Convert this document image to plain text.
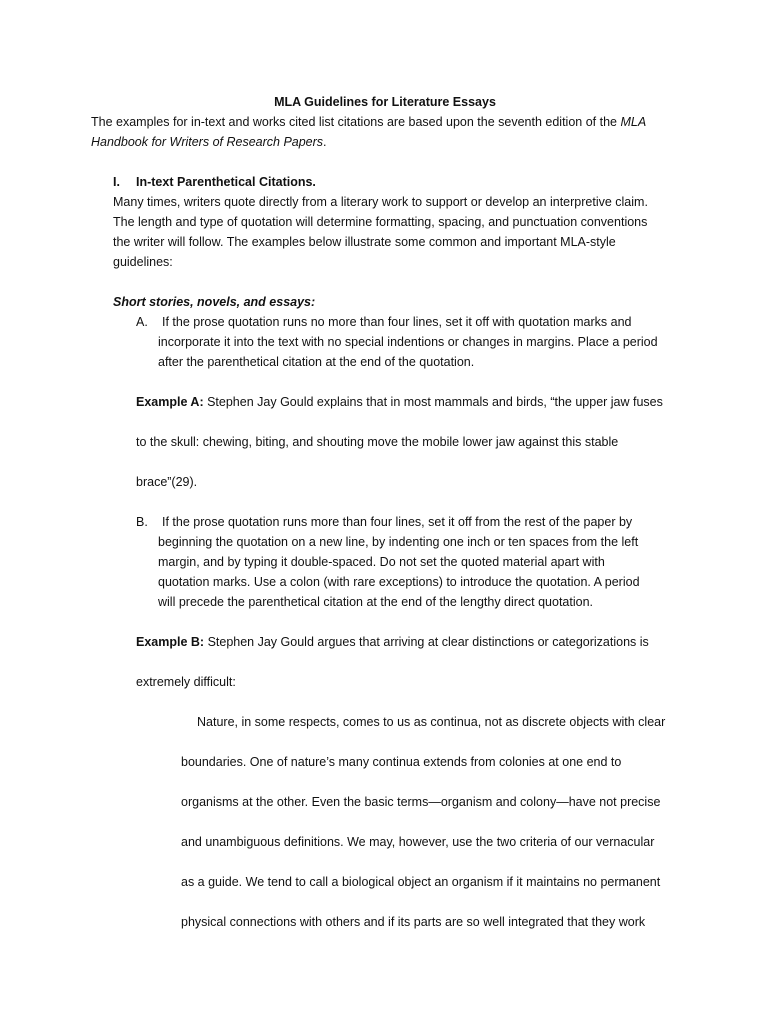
MLA Guidelines for Literature Essays
The examples for in-text and works cited list citations are based upon the seventh edition of the MLA
Handbook for Writers of Research Papers.
I. In-text Parenthetical Citations.
Many times, writers quote directly from a literary work to support or develop an interpretive claim.
The length and type of quotation will determine formatting, spacing, and punctuation conventions
the writer will follow. The examples below illustrate some common and important MLA-style
guidelines:
Short stories, novels, and essays:
A. If the prose quotation runs no more than four lines, set it off with quotation marks and
incorporate it into the text with no special indentions or changes in margins. Place a period
after the parenthetical citation at the end of the quotation.
Example A: Stephen Jay Gould explains that in most mammals and birds, “the upper jaw fuses
to the skull: chewing, biting, and shouting move the mobile lower jaw against this stable
brace”(29).
B. If the prose quotation runs more than four lines, set it off from the rest of the paper by
beginning the quotation on a new line, by indenting one inch or ten spaces from the left
margin, and by typing it double-spaced. Do not set the quoted material apart with
quotation marks. Use a colon (with rare exceptions) to introduce the quotation. A period
will precede the parenthetical citation at the end of the lengthy direct quotation.
Example B: Stephen Jay Gould argues that arriving at clear distinctions or categorizations is
extremely difficult:
Nature, in some respects, comes to us as continua, not as discrete objects with clear
boundaries. One of nature’s many continua extends from colonies at one end to
organisms at the other. Even the basic terms—organism and colony—have not precise
and unambiguous definitions. We may, however, use the two criteria of our vernacular
as a guide. We tend to call a biological object an organism if it maintains no permanent
physical connections with others and if its parts are so well integrated that they work
